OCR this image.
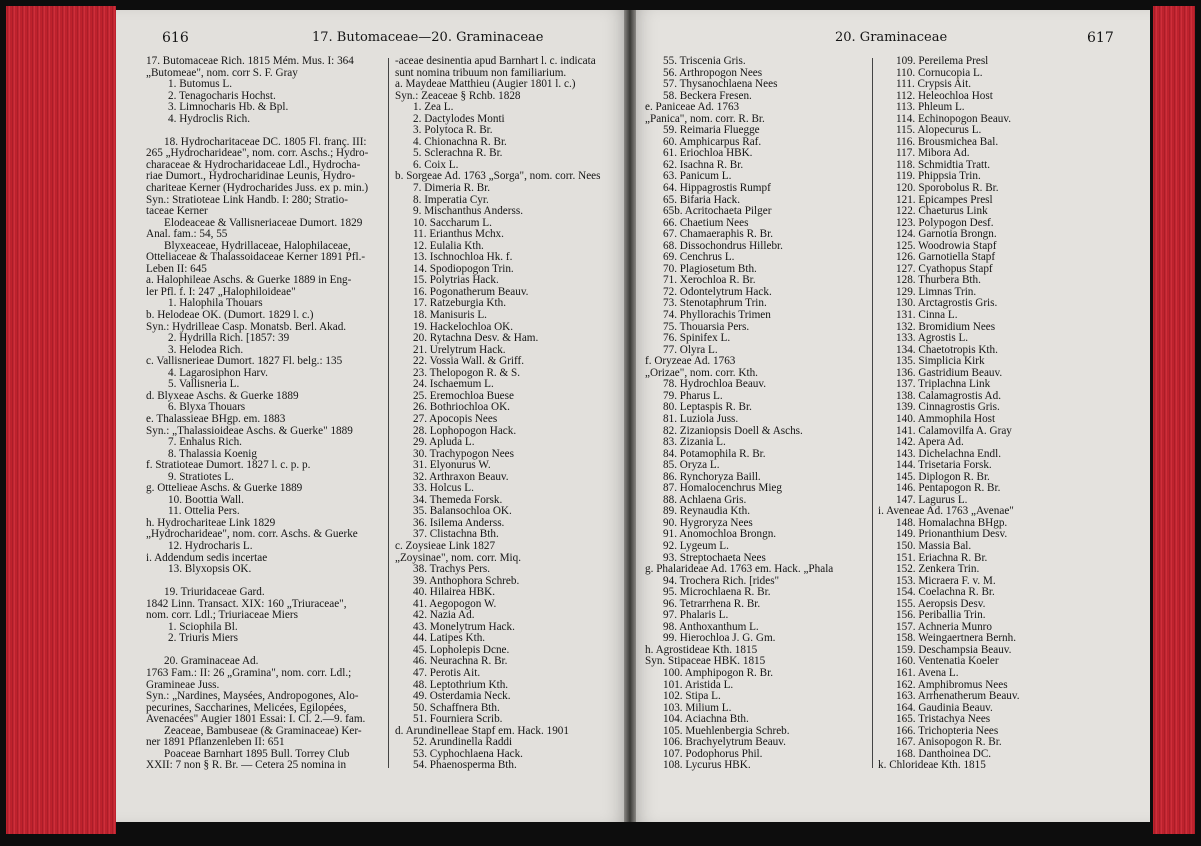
616	17. Butomaceae—20. Graminaceae	20. Graminaceae	617
17. Butomaceae Rich. 1815 Mém. Mus. I: 364
„Butomeae", nom. corr S. F. Gray
1. Butomus L.
2. Tenagocharis Hochst.
3. Limnocharis Hb. & Bpl.
4. Hydroclis Rich.
18. Hydrocharitaceae DC. 1805 Fl. franç. III:
265 „Hydrocharideae", nom. corr. Aschs.; Hydro-
characeae & Hydrocharidaceae Ldl., Hydrocha-
riae Dumort., Hydrocharidinae Leunis, Hydro-
chariteae Kerner (Hydrocharides Juss. ex p. min.)
Syn.: Stratioteae Link Handb. I: 280; Stratio-
taceae Kerner
Elodeaceae & Vallisneriaceae Dumort. 1829
Anal. fam.: 54, 55
Blyxeaceae, Hydrillaceae, Halophilaceae,
Otteliaceae & Thalassoidaceae Kerner 1891 Pfl.-
Leben II: 645
a. Halophileae Aschs. & Guerke 1889 in Eng-
ler Pfl. f. I: 247 „Halophiloideae"
1. Halophila Thouars
b. Helodeae OK. (Dumort. 1829 l. c.)
Syn.: Hydrilleae Casp. Monatsb. Berl. Akad.
2. Hydrilla Rich. [1857: 39
3. Helodea Rich.
c. Vallisnerieae Dumort. 1827 Fl. belg.: 135
4. Lagarosiphon Harv.
5. Vallisneria L.
d. Blyxeae Aschs. & Guerke 1889
6. Blyxa Thouars
e. Thalassieae BHgp. em. 1883
Syn.: „Thalassioideae Aschs. & Guerke" 1889
7. Enhalus Rich.
8. Thalassia Koenig
f. Stratioteae Dumort. 1827 l. c. p. p.
9. Stratiotes L.
g. Ottelieae Aschs. & Guerke 1889
10. Boottia Wall.
11. Ottelia Pers.
h. Hydrochariteae Link 1829
„Hydrocharideae", nom. corr. Aschs. & Guerke
12. Hydrocharis L.
i. Addendum sedis incertae
13. Blyxopsis OK.
19. Triuridaceae Gard.
1842 Linn. Transact. XIX: 160 „Triuraceae",
nom. corr. Ldl.; Triuriaceae Miers
1. Sciophila Bl.
2. Triuris Miers
20. Graminaceae Ad.
1763 Fam.: II: 26 „Gramina", nom. corr. Ldl.;
Gramineae Juss.
Syn.: „Nardines, Maysées, Andropogones, Alo-
pecurines, Saccharines, Melicées, Egilopées,
Avenacées" Augier 1801 Essai: I. Cl. 2.—9. fam.
Zeaceae, Bambuseae (& Graminaceae) Ker-
ner 1891 Pflanzenleben II: 651
Poaceae Barnhart 1895 Bull. Torrey Club
XXII: 7 non § R. Br. — Cetera 25 nomina in
-aceae desinentia apud Barnhart l. c. indicata
sunt nomina tribuum non familiarium.
a. Maydeae Matthieu (Augier 1801 l. c.)
Syn.: Zeaceae § Rchb. 1828
1. Zea L.
2. Dactylodes Monti
3. Polytoca R. Br.
4. Chionachna R. Br.
5. Sclerachna R. Br.
6. Coix L.
b. Sorgeae Ad. 1763 „Sorga", nom. corr. Nees
7. Dimeria R. Br.
8. Imperatia Cyr.
9. Mischanthus Anderss.
10. Saccharum L.
11. Erianthus Mchx.
12. Eulalia Kth.
13. Ischnochloa Hk. f.
14. Spodiopogon Trin.
15. Polytrias Hack.
16. Pogonatherum Beauv.
17. Ratzeburgia Kth.
18. Manisuris L.
19. Hackelochloa OK.
20. Rytachna Desv. & Ham.
21. Urelytrum Hack.
22. Vossia Wall. & Griff.
23. Thelopogon R. & S.
24. Ischaemum L.
25. Eremochloa Buese
26. Bothriochloa OK.
27. Apocopis Nees
28. Lophopogon Hack.
29. Apluda L.
30. Trachypogon Nees
31. Elyonurus W.
32. Arthraxon Beauv.
33. Holcus L.
34. Themeda Forsk.
35. Balansochloa OK.
36. Isilema Anderss.
37. Clistachna Bth.
c. Zoysieae Link 1827
„Zoysinae", nom. corr. Miq.
38. Trachys Pers.
39. Anthophora Schreb.
40. Hilairea HBK.
41. Aegopogon W.
42. Nazia Ad.
43. Monelytrum Hack.
44. Latipes Kth.
45. Lopholepis Dcne.
46. Neurachna R. Br.
47. Perotis Ait.
48. Leptothrium Kth.
49. Osterdamia Neck.
50. Schaffnera Bth.
51. Fourniera Scrib.
d. Arundinelleae Stapf em. Hack. 1901
52. Arundinella Raddi
53. Cyphochlaena Hack.
54. Phaenosperma Bth.
55. Triscenia Gris.
56. Arthropogon Nees
57. Thysanochlaena Nees
58. Beckera Fresen.
e. Paniceae Ad. 1763
„Panica", nom. corr. R. Br.
59. Reimaria Fluegge
60. Amphicarpus Raf.
61. Eriochloa HBK.
62. Isachna R. Br.
63. Panicum L.
64. Hippagrostis Rumpf
65. Bifaria Hack.
65b. Acritochaeta Pilger
66. Chaetium Nees
67. Chamaeraphis R. Br.
68. Dissochondrus Hillebr.
69. Cenchrus L.
70. Plagiosetum Bth.
71. Xerochloa R. Br.
72. Odontelytrum Hack.
73. Stenotaphrum Trin.
74. Phyllorachis Trimen
75. Thouarsia Pers.
76. Spinifex L.
77. Olyra L.
f. Oryzeae Ad. 1763
„Orizae", nom. corr. Kth.
78. Hydrochloa Beauv.
79. Pharus L.
80. Leptaspis R. Br.
81. Luziola Juss.
82. Zizaniopsis Doell & Aschs.
83. Zizania L.
84. Potamophila R. Br.
85. Oryza L.
86. Rynchoryza Baill.
87. Homalocenchrus Mieg
88. Achlaena Gris.
89. Reynaudia Kth.
90. Hygroryza Nees
91. Anomochloa Brongn.
92. Lygeum L.
93. Streptochaeta Nees
g. Phalarideae Ad. 1763 em. Hack. „Phala
94. Trochera Rich. [rides"
95. Microchlaena R. Br.
96. Tetrarrhena R. Br.
97. Phalaris L.
98. Anthoxanthum L.
99. Hierochloa J. G. Gm.
h. Agrostideae Kth. 1815
Syn. Stipaceae HBK. 1815
100. Amphipogon R. Br.
101. Aristida L.
102. Stipa L.
103. Milium L.
104. Aciachna Bth.
105. Muehlenbergia Schreb.
106. Brachyelytrum Beauv.
107. Podophorus Phil.
108. Lycurus HBK.
109. Pereilema Presl
110. Cornucopia L.
111. Crypsis Ait.
112. Heleochloa Host
113. Phleum L.
114. Echinopogon Beauv.
115. Alopecurus L.
116. Brousmichea Bal.
117. Mibora Ad.
118. Schmidtia Tratt.
119. Phippsia Trin.
120. Sporobolus R. Br.
121. Epicampes Presl
122. Chaeturus Link
123. Polypogon Desf.
124. Garnotia Brongn.
125. Woodrowia Stapf
126. Garnotiella Stapf
127. Cyathopus Stapf
128. Thurbera Bth.
129. Limnas Trin.
130. Arctagrostis Gris.
131. Cinna L.
132. Bromidium Nees
133. Agrostis L.
134. Chaetotropis Kth.
135. Simplicia Kirk
136. Gastridium Beauv.
137. Triplachna Link
138. Calamagrostis Ad.
139. Cinnagrostis Gris.
140. Ammophila Host
141. Calamovilfa A. Gray
142. Apera Ad.
143. Dichelachna Endl.
144. Trisetaria Forsk.
145. Diplogon R. Br.
146. Pentapogon R. Br.
147. Lagurus L.
i. Aveneae Ad. 1763 „Avenae"
148. Homalachna BHgp.
149. Prionanthium Desv.
150. Massia Bal.
151. Eriachna R. Br.
152. Zenkera Trin.
153. Micraera F. v. M.
154. Coelachna R. Br.
155. Aeropsis Desv.
156. Periballia Trin.
157. Achneria Munro
158. Weingaertnera Bernh.
159. Deschampsia Beauv.
160. Ventenatia Koeler
161. Avena L.
162. Amphibromus Nees
163. Arrhenatherum Beauv.
164. Gaudinia Beauv.
165. Tristachya Nees
166. Trichopteria Nees
167. Anisopogon R. Br.
168. Danthoinea DC.
k. Chlorideae Kth. 1815
